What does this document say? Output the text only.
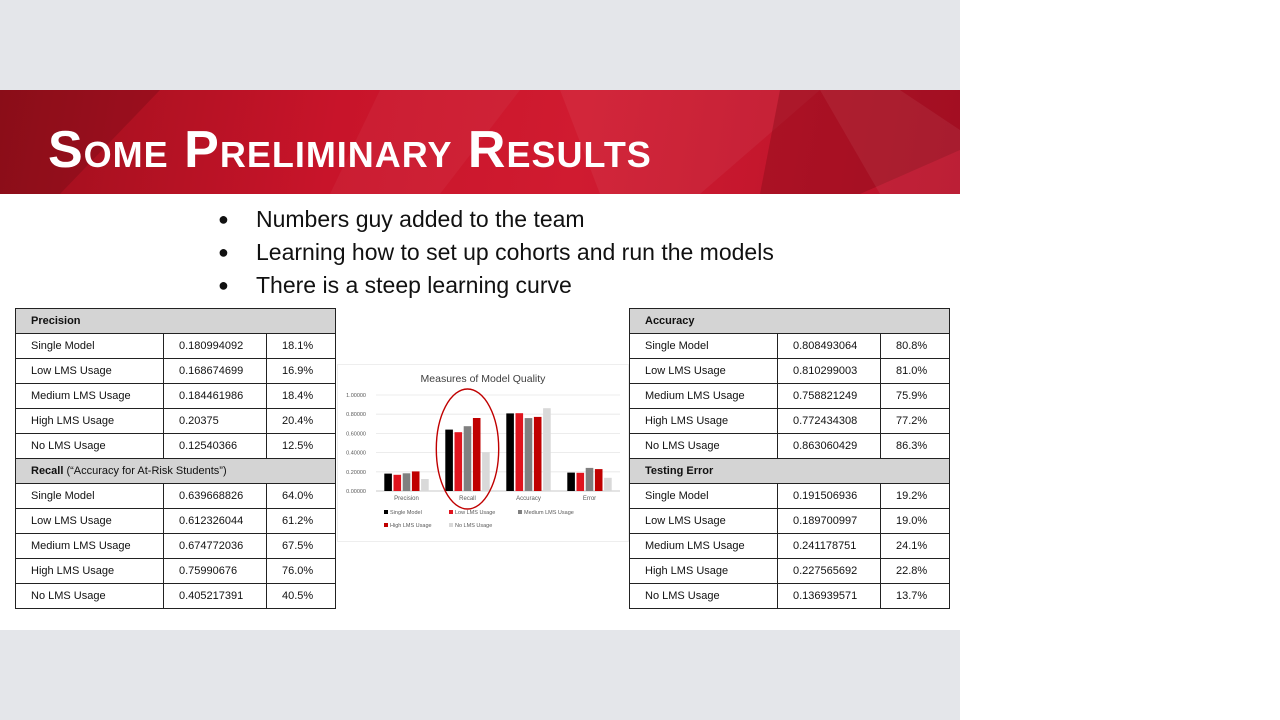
Some Preliminary Results
● Numbers guy added to the team
● Learning how to set up cohorts and run the models
● There is a steep learning curve
Precision		
Single Model	0.180994092	18.1%
Low LMS Usage	0.168674699	16.9%
Medium LMS Usage	0.184461986	18.4%
High LMS Usage	0.20375	20.4%
No LMS Usage	0.12540366	12.5%
Recall (“Accuracy for At-Risk Students”)		
Single Model	0.639668826	64.0%
Low LMS Usage	0.612326044	61.2%
Medium LMS Usage	0.674772036	67.5%
High LMS Usage	0.75990676	76.0%
No LMS Usage	0.405217391	40.5%
Accuracy		
Single Model	0.808493064	80.8%
Low LMS Usage	0.810299003	81.0%
Medium LMS Usage	0.758821249	75.9%
High LMS Usage	0.772434308	77.2%
No LMS Usage	0.863060429	86.3%
Testing Error		
Single Model	0.191506936	19.2%
Low LMS Usage	0.189700997	19.0%
Medium LMS Usage	0.241178751	24.1%
High LMS Usage	0.227565692	22.8%
No LMS Usage	0.136939571	13.7%
Measures of Model Quality
0.00000
0.20000
0.40000
0.60000
0.80000
1.00000
Precision	Recall	Accuracy	Error
Single Model	Low LMS Usage	Medium LMS Usage
High LMS Usage	No LMS Usage
